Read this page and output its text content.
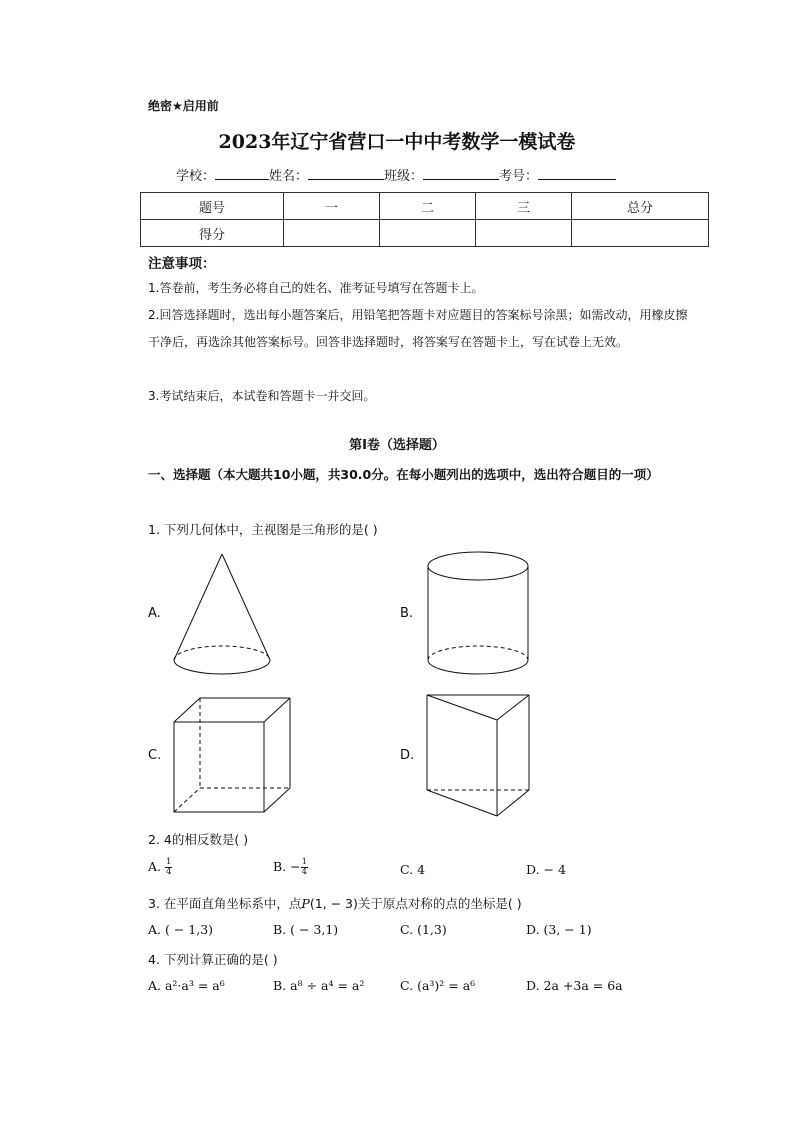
绝密★启用前
2023年辽宁省营口一中中考数学一模试卷
学校：	姓名：	班级：	考号：
题号	一	二	三	总分
得分				
注意事项：
1.答卷前，考生务必将自己的姓名、准考证号填写在答题卡上。
2.回答选择题时，选出每小题答案后，用铅笔把答题卡对应题目的答案标号涂黑；如需改动，用橡皮擦干净后，再选涂其他答案标号。回答非选择题时，将答案写在答题卡上，写在试卷上无效。
3.考试结束后，本试卷和答题卡一并交回。
第Ⅰ卷（选择题）
一、选择题（本大题共10小题，共30.0分。在每小题列出的选项中，选出符合题目的一项）
1. 下列几何体中，主视图是三角形的是( )
A.	B.
C.	D.
2. 4的相反数是( )
A. $\frac{1}{4}$	B. − $\frac{1}{4}$	C. 4	D. − 4
3. 在平面直角坐标系中，点P(1, − 3)关于原点对称的点的坐标是( )
A. ( − 1,3)	B. ( − 3,1)	C. (1,3)	D. (3, − 1)
4. 下列计算正确的是( )
A. a²·a³ = a⁶	B. a⁸ ÷ a⁴ = a²	C. (a³)² = a⁶	D. 2a +3a = 6a
